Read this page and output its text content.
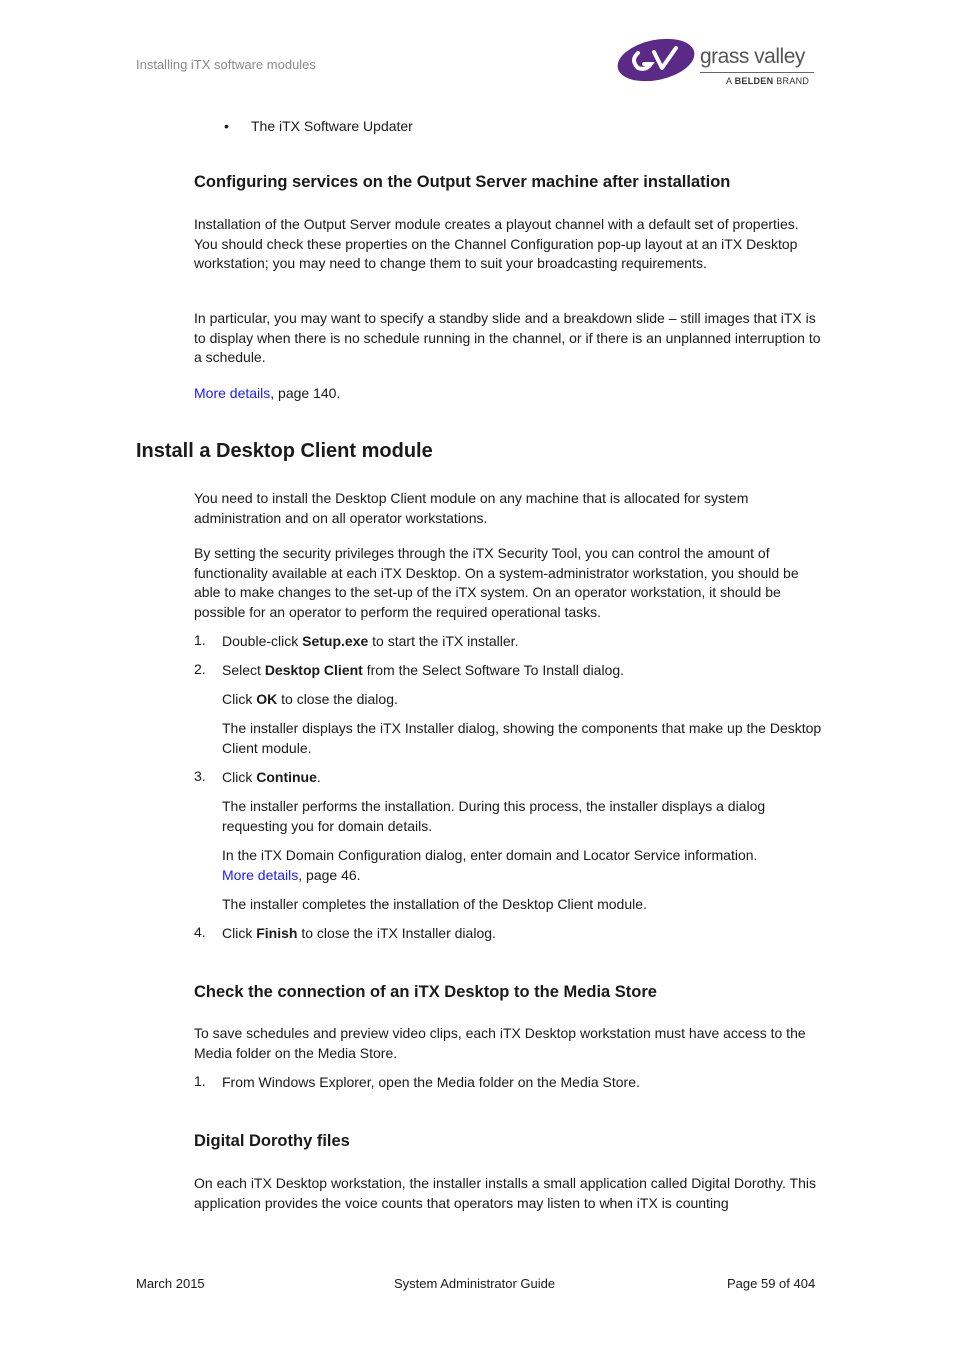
Installing iTX software modules	grass valley
A BELDEN BRAND
• The iTX Software Updater
Configuring services on the Output Server machine after installation
Installation of the Output Server module creates a playout channel with a default set of properties. You should check these properties on the Channel Configuration pop-up layout at an iTX Desktop workstation; you may need to change them to suit your broadcasting requirements.
In particular, you may want to specify a standby slide and a breakdown slide – still images that iTX is to display when there is no schedule running in the channel, or if there is an unplanned interruption to a schedule.
More details, page 140.
Install a Desktop Client module
You need to install the Desktop Client module on any machine that is allocated for system administration and on all operator workstations.
By setting the security privileges through the iTX Security Tool, you can control the amount of functionality available at each iTX Desktop. On a system-administrator workstation, you should be able to make changes to the set-up of the iTX system. On an operator workstation, it should be possible for an operator to perform the required operational tasks.
1. Double-click Setup.exe to start the iTX installer.
2. Select Desktop Client from the Select Software To Install dialog.
Click OK to close the dialog.
The installer displays the iTX Installer dialog, showing the components that make up the Desktop Client module.
3. Click Continue.
The installer performs the installation. During this process, the installer displays a dialog requesting you for domain details.
In the iTX Domain Configuration dialog, enter domain and Locator Service information.
More details, page 46.
The installer completes the installation of the Desktop Client module.
4. Click Finish to close the iTX Installer dialog.
Check the connection of an iTX Desktop to the Media Store
To save schedules and preview video clips, each iTX Desktop workstation must have access to the Media folder on the Media Store.
1. From Windows Explorer, open the Media folder on the Media Store.
Digital Dorothy files
On each iTX Desktop workstation, the installer installs a small application called Digital Dorothy. This application provides the voice counts that operators may listen to when iTX is counting
March 2015	System Administrator Guide	Page 59 of 404
